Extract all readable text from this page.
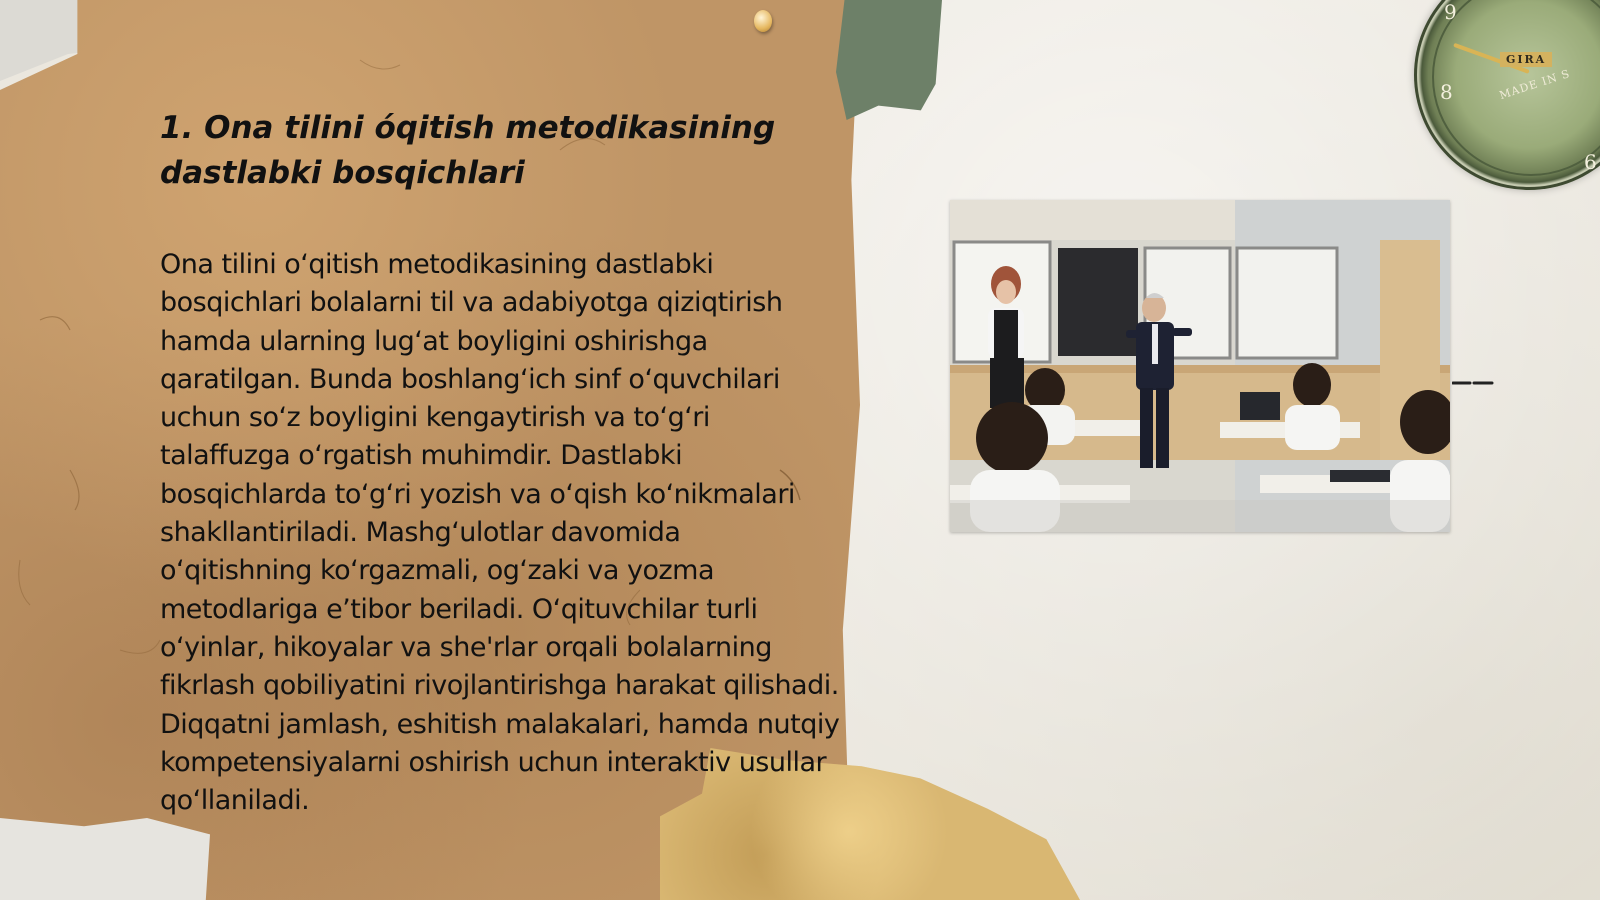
9
8
6
GIRA
MADE IN S
1. Ona tilini óqitish metodikasining dastlabki bosqichlari

Ona tilini o‘qitish metodikasining dastlabki bosqichlari bolalarni til va adabiyotga qiziqtirish hamda ularning lug‘at boyligini oshirishga qaratilgan. Bunda boshlang‘ich sinf o‘quvchilari uchun so‘z boyligini kengaytirish va to‘g‘ri talaffuzga o‘rgatish muhimdir. Dastlabki bosqichlarda to‘g‘ri yozish va o‘qish ko‘nikmalari shakllantiriladi. Mashg‘ulotlar davomida o‘qitishning ko‘rgazmali, og‘zaki va yozma metodlariga e’tibor beriladi. O‘qituvchilar turli o‘yinlar, hikoyalar va she'rlar orqali bolalarning fikrlash qobiliyatini rivojlantirishga harakat qilishadi. Diqqatni jamlash, eshitish malakalari, hamda nutqiy kompetensiyalarni oshirish uchun interaktiv usullar qo‘llaniladi.
